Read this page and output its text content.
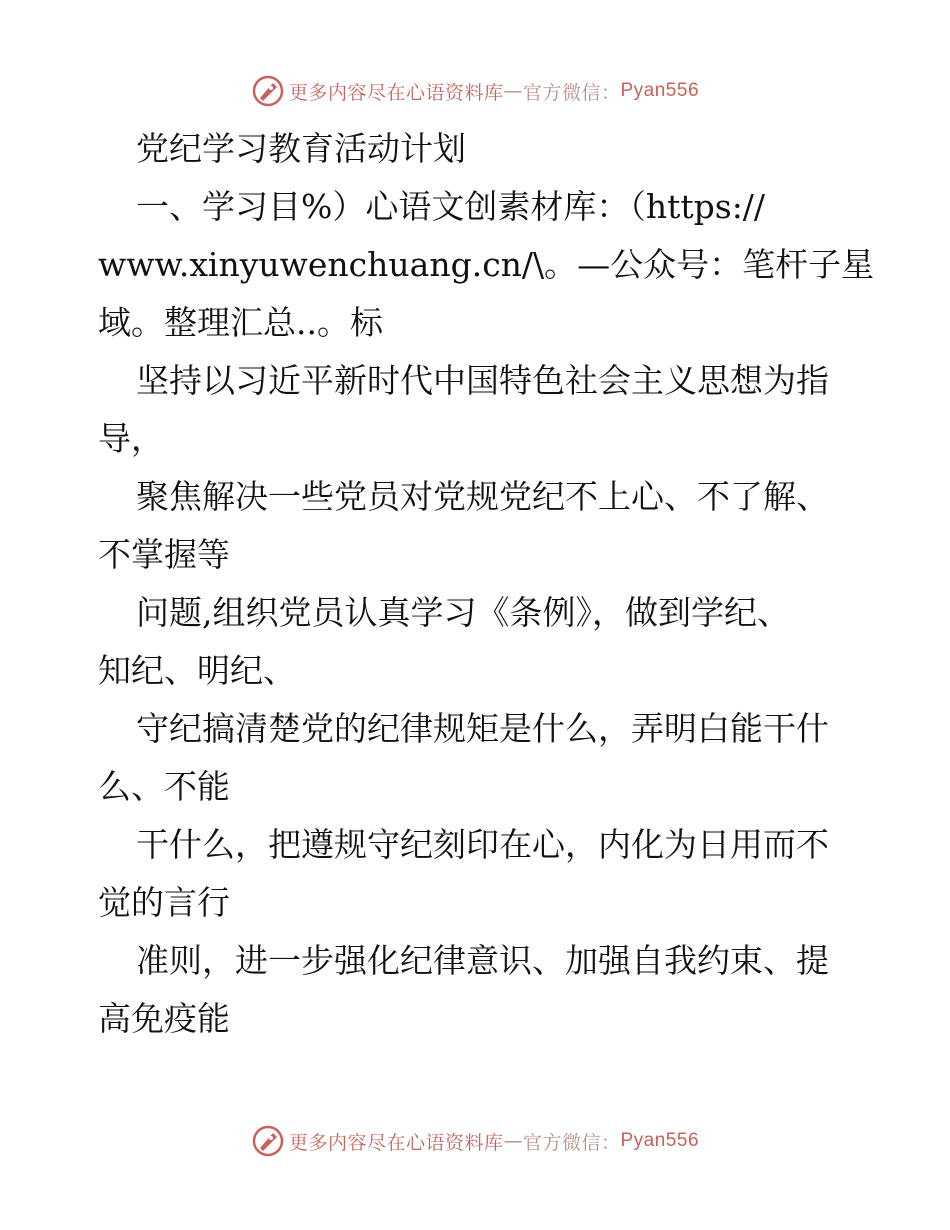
更多内容尽在心语资料库 — 官方微信： Pyan556
党纪学习教育活动计划
一、学习目%）心语文创素材库：（https://
www.xinyuwenchuang.cn/\。—公众号：笔杆子星
域。整理汇总..。标
坚持以习近平新时代中国特色社会主义思想为指
导，
聚焦解决一些党员对党规党纪不上心、不了解、
不掌握等
问题,组织党员认真学习《条例》，做到学纪、
知纪、明纪、
守纪搞清楚党的纪律规矩是什么，弄明白能干什
么、不能
干什么，把遵规守纪刻印在心，内化为日用而不
觉的言行
准则，进一步强化纪律意识、加强自我约束、提
高免疫能
更多内容尽在心语资料库 — 官方微信： Pyan556
